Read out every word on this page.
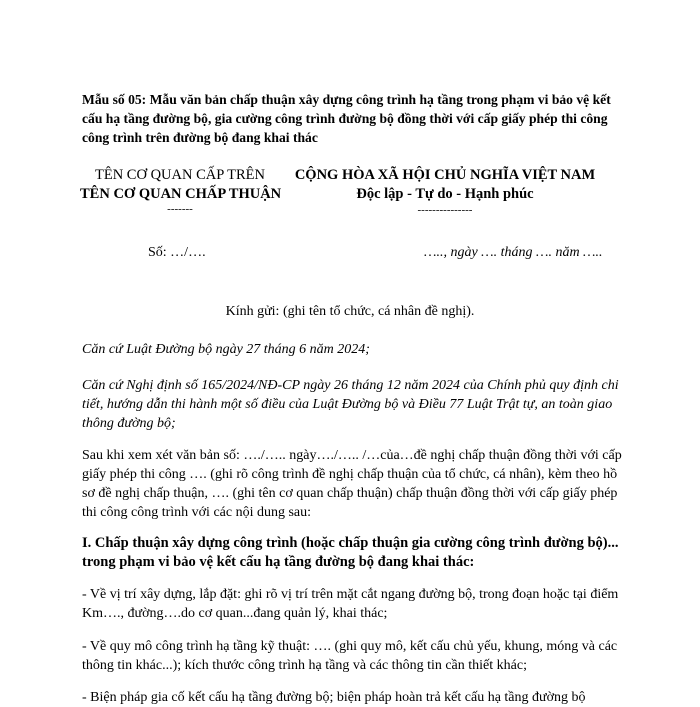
Mẫu số 05: Mẫu văn bản chấp thuận xây dựng công trình hạ tầng trong phạm vi bảo vệ kết cấu hạ tầng đường bộ, gia cường công trình đường bộ đồng thời với cấp giấy phép thi công công trình trên đường bộ đang khai thác
TÊN CƠ QUAN CẤP TRÊN
TÊN CƠ QUAN CHẤP THUẬN
-------
CỘNG HÒA XÃ HỘI CHỦ NGHĨA VIỆT NAM
Độc lập - Tự do - Hạnh phúc
---------------
Số: …/….	….., ngày …. tháng …. năm …..
Kính gửi: (ghi tên tổ chức, cá nhân đề nghị).
Căn cứ Luật Đường bộ ngày 27 tháng 6 năm 2024;
Căn cứ Nghị định số 165/2024/NĐ-CP ngày 26 tháng 12 năm 2024 của Chính phủ quy định chi tiết, hướng dẫn thi hành một số điều của Luật Đường bộ và Điều 77 Luật Trật tự, an toàn giao thông đường bộ;
Sau khi xem xét văn bản số: …./….. ngày…./….. /…của…đề nghị chấp thuận đồng thời với cấp giấy phép thi công …. (ghi rõ công trình đề nghị chấp thuận của tổ chức, cá nhân), kèm theo hồ sơ đề nghị chấp thuận, …. (ghi tên cơ quan chấp thuận) chấp thuận đồng thời với cấp giấy phép thi công công trình với các nội dung sau:
I. Chấp thuận xây dựng công trình (hoặc chấp thuận gia cường công trình đường bộ)... trong phạm vi bảo vệ kết cấu hạ tầng đường bộ đang khai thác:
- Về vị trí xây dựng, lắp đặt: ghi rõ vị trí trên mặt cắt ngang đường bộ, trong đoạn hoặc tại điểm Km…., đường….do cơ quan...đang quản lý, khai thác;
- Về quy mô công trình hạ tầng kỹ thuật: …. (ghi quy mô, kết cấu chủ yếu, khung, móng và các thông tin khác...); kích thước công trình hạ tầng và các thông tin cần thiết khác;
- Biện pháp gia cố kết cấu hạ tầng đường bộ; biện pháp hoàn trả kết cấu hạ tầng đường bộ
